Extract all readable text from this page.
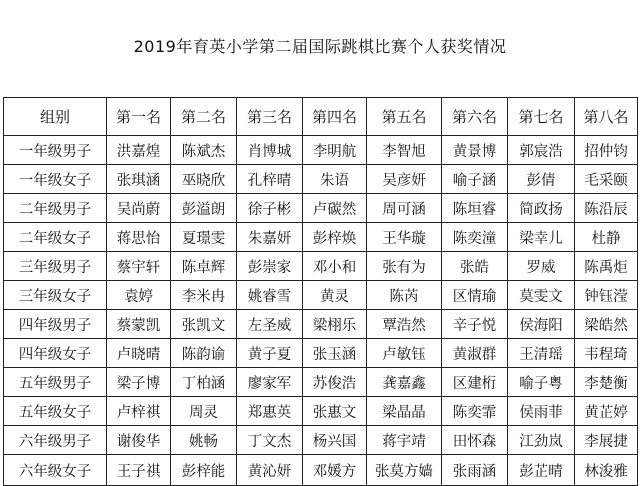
2019年育英小学第二届国际跳棋比赛个人获奖情况
组别	第一名	第二名	第三名	第四名	第五名	第六名	第七名	第八名
一年级男子	洪嘉煌	陈斌杰	肖博城	李明航	李智旭	黄景博	郭宸浩	招仲钧
一年级女子	张琪涵	巫晓欣	孔梓晴	朱语	吴彦妍	喻子涵	彭倩	毛采颐
二年级男子	吴尚蔚	彭溢朗	徐子彬	卢碳然	周可涵	陈垣睿	简政扬	陈沿辰
二年级女子	蒋思怡	夏璟雯	朱嘉妍	彭梓焕	王华璇	陈奕潼	梁幸儿	杜静
三年级男子	蔡宇轩	陈卓辉	彭崇家	邓小和	张有为	张皓	罗威	陈禹炬
三年级女子	袁婷	李米冉	姚睿雪	黄灵	陈芮	区情瑜	莫雯文	钟钰滢
四年级男子	蔡蒙凯	张凯文	左圣威	梁栩乐	覃浩然	辛子悦	侯海阳	梁皓然
四年级女子	卢晓晴	陈韵谕	黄子夏	张玉涵	卢敏钰	黄淑群	王清瑶	韦程琦
五年级男子	梁子博	丁柏涵	廖家军	苏俊浩	龚嘉鑫	区建桁	喻子粤	李楚衡
五年级女子	卢梓祺	周灵	郑惠英	张惠文	梁晶晶	陈奕霏	侯雨菲	黄芷婷
六年级男子	谢俊华	姚畅	丁文杰	杨兴国	蒋宇靖	田怀森	江劲岚	李展捷
六年级女子	王子祺	彭梓能	黄沁妍	邓媛方	张莫方嫱	张雨涵	彭芷晴	林浚雅
